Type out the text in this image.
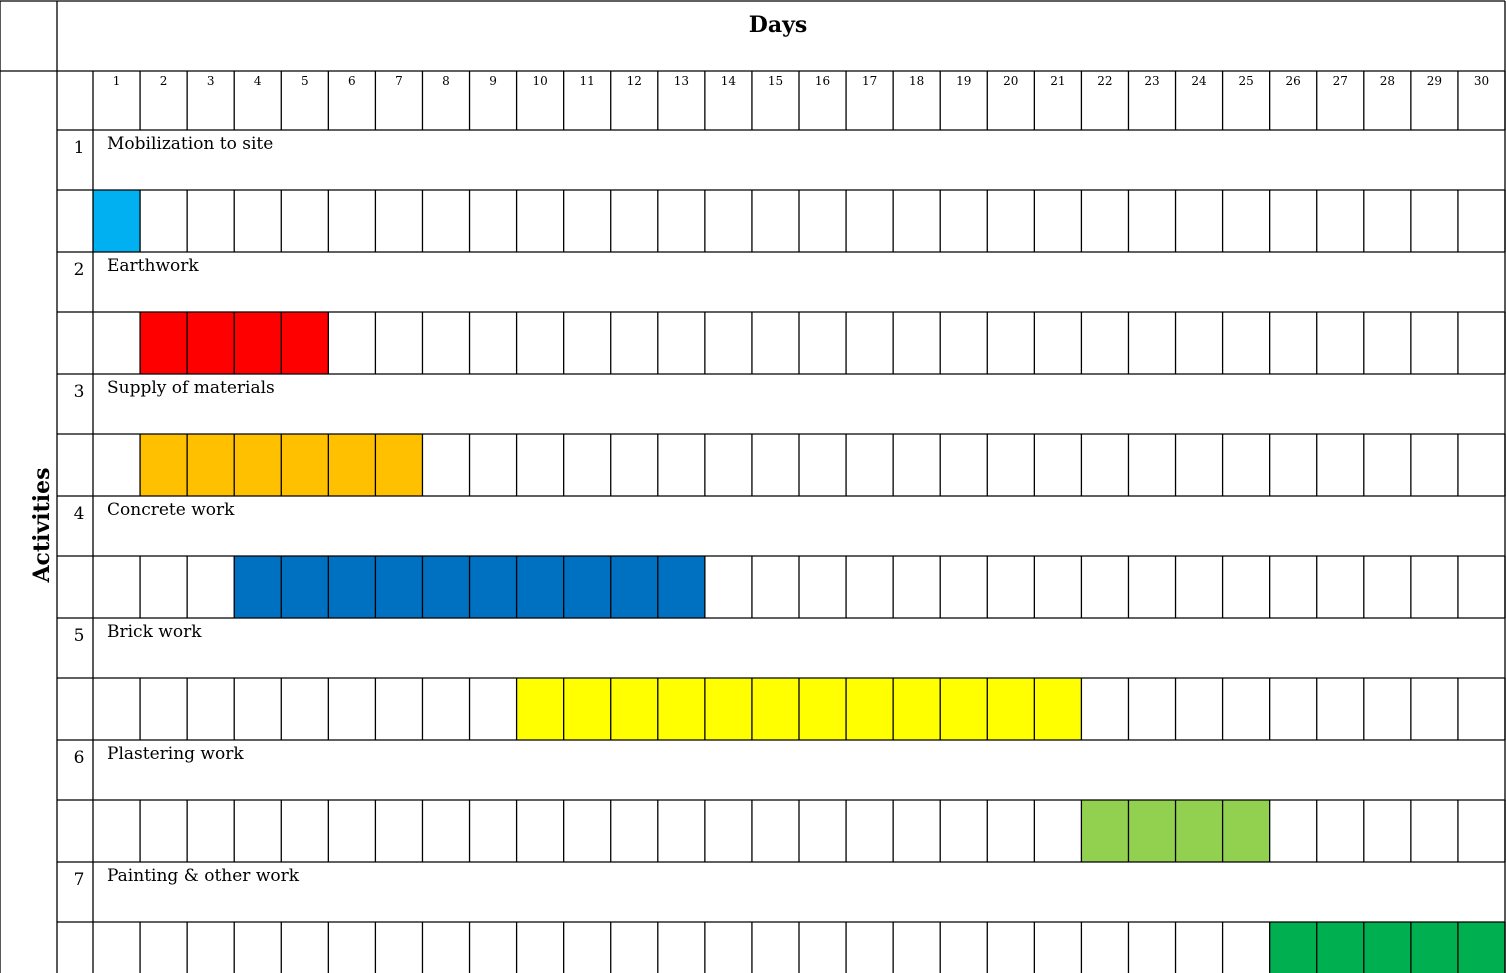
Days
Activities
1	2	3	4	5	6	7	8	9	10	11	12	13	14	15	16	17	18	19	20	21	22	23	24	25	26	27	28	29	30
1 Mobilization to site
2 Earthwork
3 Supply of materials
4 Concrete work
5 Brick work
6 Plastering work
7 Painting & other work
